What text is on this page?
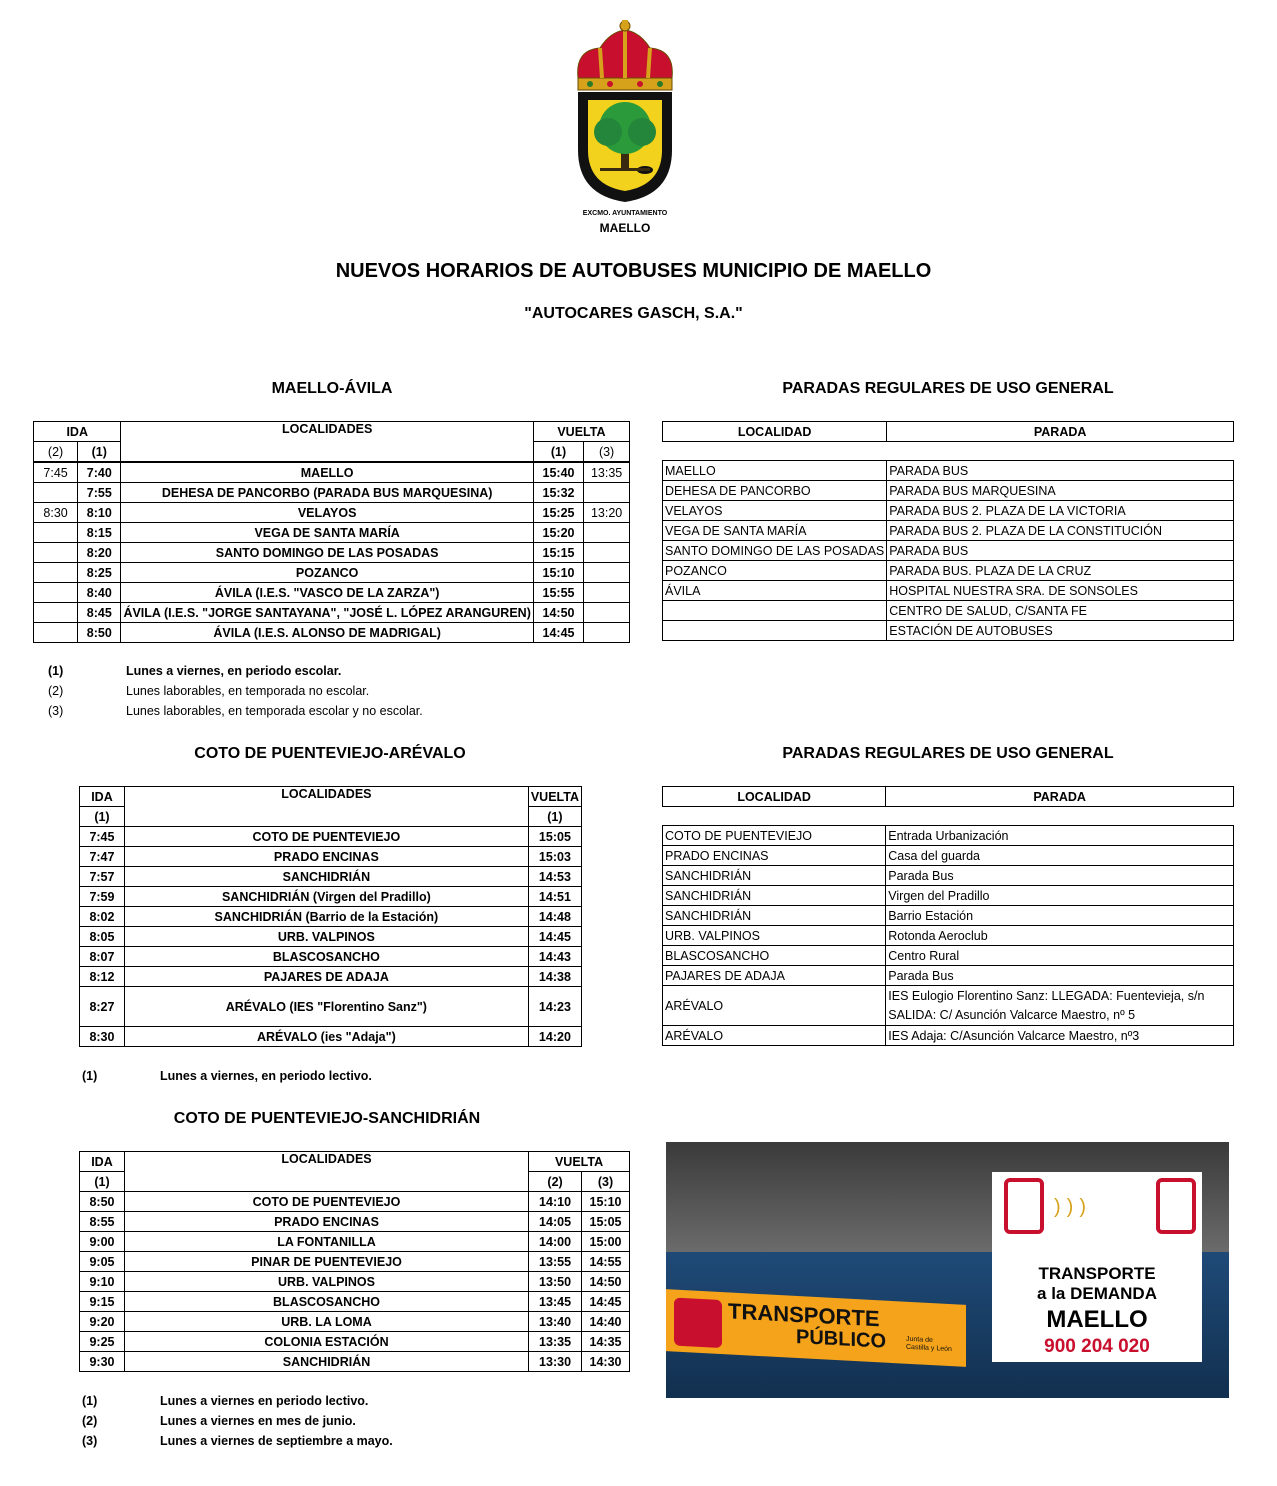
EXCMO. AYUNTAMIENTO
MAELLO
NUEVOS HORARIOS DE AUTOBUSES MUNICIPIO DE MAELLO
"AUTOCARES GASCH, S.A."
MAELLO-ÁVILA
IDA		LOCALIDADES	VUELTA	
(2)	(1)		(1)	(3)

7:45	7:40	MAELLO	15:40	13:35
	7:55	DEHESA DE PANCORBO (PARADA BUS MARQUESINA)	15:32	
8:30	8:10	VELAYOS	15:25	13:20
	8:15	VEGA DE SANTA MARÍA	15:20	
	8:20	SANTO DOMINGO DE LAS POSADAS	15:15	
	8:25	POZANCO	15:10	
	8:40	ÁVILA (I.E.S. "VASCO DE LA ZARZA")	15:55	
	8:45	ÁVILA (I.E.S. "JORGE SANTAYANA", "JOSÉ L. LÓPEZ ARANGUREN)	14:50	
	8:50	ÁVILA (I.E.S. ALONSO DE MADRIGAL)	14:45	
PARADAS REGULARES DE USO GENERAL
LOCALIDAD	PARADA

MAELLO	PARADA BUS
DEHESA DE PANCORBO	PARADA BUS MARQUESINA
VELAYOS	PARADA BUS 2. PLAZA DE LA VICTORIA
VEGA DE SANTA MARÍA	PARADA BUS 2. PLAZA DE LA CONSTITUCIÓN
SANTO DOMINGO DE LAS POSADAS	PARADA BUS
POZANCO	PARADA BUS. PLAZA DE LA CRUZ
ÁVILA	HOSPITAL NUESTRA SRA. DE SONSOLES
	CENTRO DE SALUD, C/SANTA FE
	ESTACIÓN DE AUTOBUSES
(1)	Lunes a viernes, en periodo escolar.
(2)	Lunes laborables, en temporada no escolar.
(3)	Lunes laborables, en temporada escolar y no escolar.
COTO DE PUENTEVIEJO-ARÉVALO
IDA	LOCALIDADES	VUELTA
(1)		(1)
7:45	COTO DE PUENTEVIEJO	15:05
7:47	PRADO ENCINAS	15:03
7:57	SANCHIDRIÁN	14:53
7:59	SANCHIDRIÁN (Virgen del Pradillo)	14:51
8:02	SANCHIDRIÁN (Barrio de la Estación)	14:48
8:05	URB. VALPINOS	14:45
8:07	BLASCOSANCHO	14:43
8:12	PAJARES DE ADAJA	14:38
8:27	ARÉVALO (IES "Florentino Sanz")	14:23
8:30	ARÉVALO (ies "Adaja")	14:20
PARADAS REGULARES DE USO GENERAL
LOCALIDAD	PARADA

COTO DE PUENTEVIEJO	Entrada Urbanización
PRADO ENCINAS	Casa del guarda
SANCHIDRIÁN	Parada Bus
SANCHIDRIÁN	Virgen del Pradillo
SANCHIDRIÁN	Barrio Estación
URB. VALPINOS	Rotonda Aeroclub
BLASCOSANCHO	Centro Rural
PAJARES DE ADAJA	Parada Bus
ARÉVALO	IES Eulogio Florentino Sanz: LLEGADA: Fuentevieja, s/n
SALIDA: C/ Asunción Valcarce Maestro, nº 5

ARÉVALO	IES Adaja: C/Asunción Valcarce Maestro, nº3
(1)	Lunes a viernes, en periodo lectivo.
COTO DE PUENTEVIEJO-SANCHIDRIÁN
IDA	LOCALIDADES	VUELTA	
(1)		(2)	(3)
8:50	COTO DE PUENTEVIEJO	14:10	15:10
8:55	PRADO ENCINAS	14:05	15:05
9:00	LA FONTANILLA	14:00	15:00
9:05	PINAR DE PUENTEVIEJO	13:55	14:55
9:10	URB. VALPINOS	13:50	14:50
9:15	BLASCOSANCHO	13:45	14:45
9:20	URB. LA LOMA	13:40	14:40
9:25	COLONIA ESTACIÓN	13:35	14:35
9:30	SANCHIDRIÁN	13:30	14:30
(1)	Lunes a viernes en periodo lectivo.
(2)	Lunes a viernes en mes de junio.
(3)	Lunes a viernes de septiembre a mayo.
TRANSPORTE
PÚBLICO	Junta de Castilla y León
)))
TRANSPORTE
a la DEMANDA
MAELLO
900 204 020
